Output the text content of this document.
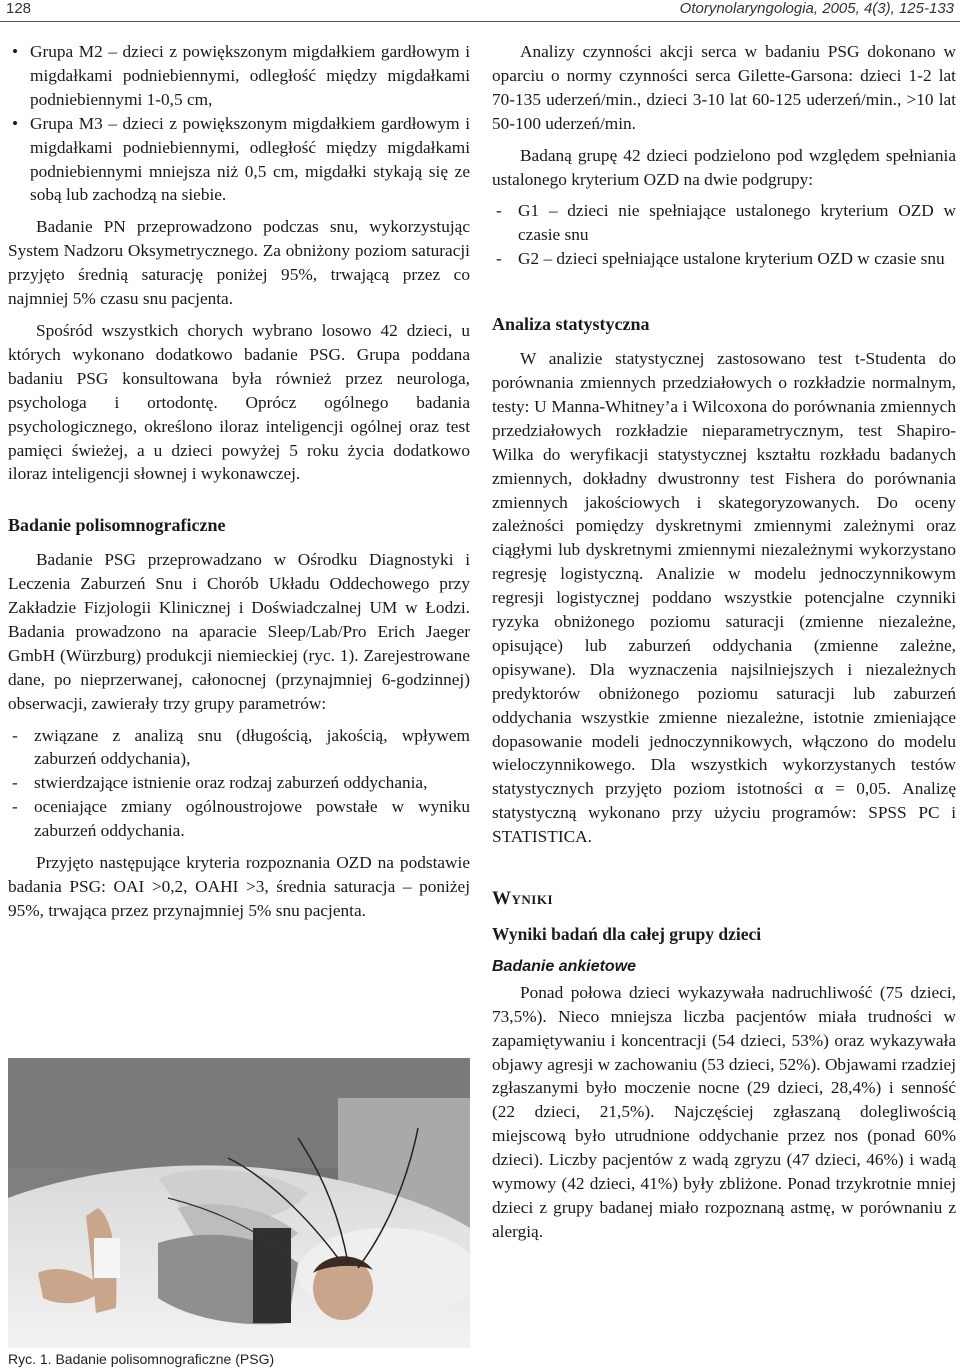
128	Otorynolaryngologia, 2005, 4(3), 125-133
• Grupa M2 – dzieci z powiększonym migdałkiem gardłowym i migdałkami podniebiennymi, odległość między migdałkami podniebiennymi 1-0,5 cm,
• Grupa M3 – dzieci z powiększonym migdałkiem gardłowym i migdałkami podniebiennymi, odległość między migdałkami podniebiennymi mniejsza niż 0,5 cm, migdałki stykają się ze sobą lub zachodzą na siebie.

Badanie PN przeprowadzono podczas snu, wykorzystując System Nadzoru Oksymetrycznego. Za obniżony poziom saturacji przyjęto średnią saturację poniżej 95%, trwającą przez co najmniej 5% czasu snu pacjenta.

Spośród wszystkich chorych wybrano losowo 42 dzieci, u których wykonano dodatkowo badanie PSG. Grupa poddana badaniu PSG konsultowana była również przez neurologa, psychologa i ortodontę. Oprócz ogólnego badania psychologicznego, określono iloraz inteligencji ogólnej oraz test pamięci świeżej, a u dzieci powyżej 5 roku życia dodatkowo iloraz inteligencji słownej i wykonawczej.

Badanie polisomnograficzne

Badanie PSG przeprowadzano w Ośrodku Diagnostyki i Leczenia Zaburzeń Snu i Chorób Układu Oddechowego przy Zakładzie Fizjologii Klinicznej i Doświadczalnej UM w Łodzi. Badania prowadzono na aparacie Sleep/Lab/Pro Erich Jaeger GmbH (Würzburg) produkcji niemieckiej (ryc. 1). Zarejestrowane dane, po nieprzerwanej, całonocnej (przynajmniej 6-godzinnej) obserwacji, zawierały trzy grupy parametrów:

- związane z analizą snu (długością, jakością, wpływem zaburzeń oddychania),
- stwierdzające istnienie oraz rodzaj zaburzeń oddychania,
- oceniające zmiany ogólnoustrojowe powstałe w wyniku zaburzeń oddychania.

Przyjęto następujące kryteria rozpoznania OZD na podstawie badania PSG: OAI >0,2, OAHI >3, średnia saturacja – poniżej 95%, trwająca przez przynajmniej 5% snu pacjenta.

Ryc. 1. Badanie polisomnograficzne (PSG)

Analizy czynności akcji serca w badaniu PSG dokonano w oparciu o normy czynności serca Gilette-Garsona: dzieci 1-2 lat 70-135 uderzeń/min., dzieci 3-10 lat 60-125 uderzeń/min., >10 lat 50-100 uderzeń/min.

Badaną grupę 42 dzieci podzielono pod względem spełniania ustalonego kryterium OZD na dwie podgrupy:

- G1 – dzieci nie spełniające ustalonego kryterium OZD w czasie snu
- G2 – dzieci spełniające ustalone kryterium OZD w czasie snu
Analiza statystyczna

W analizie statystycznej zastosowano test t-Studenta do porównania zmiennych przedziałowych o rozkładzie normalnym, testy: U Manna-Whitney’a i Wilcoxona do porównania zmiennych przedziałowych rozkładzie nieparametrycznym, test Shapiro-Wilka do weryfikacji statystycznej kształtu rozkładu badanych zmiennych, dokładny dwustronny test Fishera do porównania zmiennych jakościowych i skategoryzowanych. Do oceny zależności pomiędzy dyskretnymi zmiennymi zależnymi oraz ciągłymi lub dyskretnymi zmiennymi niezależnymi wykorzystano regresję logistyczną. Analizie w modelu jednoczynnikowym regresji logistycznej poddano wszystkie potencjalne czynniki ryzyka obniżonego poziomu saturacji (zmienne niezależne, opisujące) lub zaburzeń oddychania (zmienne zależne, opisywane). Dla wyznaczenia najsilniejszych i niezależnych predyktorów obniżonego poziomu saturacji lub zaburzeń oddychania wszystkie zmienne niezależne, istotnie zmieniające dopasowanie modeli jednoczynnikowych, włączono do modelu wieloczynnikowego. Dla wszystkich wykorzystanych testów statystycznych przyjęto poziom istotności α = 0,05. Analizę statystyczną wykonano przy użyciu programów: SPSS PC i STATISTICA.

Wyniki
Wyniki badań dla całej grupy dzieci
Badanie ankietowe

Ponad połowa dzieci wykazywała nadruchliwość (75 dzieci, 73,5%). Nieco mniejsza liczba pacjentów miała trudności w zapamiętywaniu i koncentracji (54 dzieci, 53%) oraz wykazywała objawy agresji w zachowaniu (53 dzieci, 52%). Objawami rzadziej zgłaszanymi było moczenie nocne (29 dzieci, 28,4%) i senność (22 dzieci, 21,5%). Najczęściej zgłaszaną dolegliwością miejscową było utrudnione oddychanie przez nos (ponad 60% dzieci). Liczby pacjentów z wadą zgryzu (47 dzieci, 46%) i wadą wymowy (42 dzieci, 41%) były zbliżone. Ponad trzykrotnie mniej dzieci z grupy badanej miało rozpoznaną astmę, w porównaniu z alergią.
